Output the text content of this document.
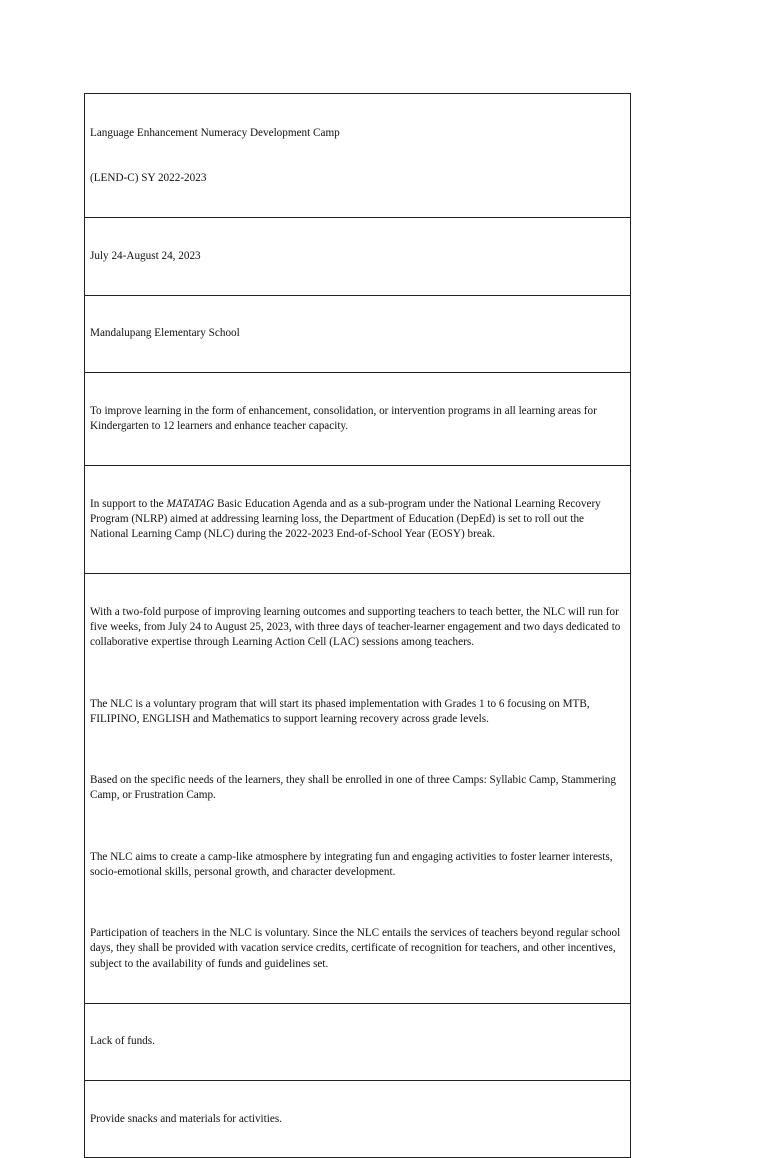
Language Enhancement Numeracy Development Camp

(LEND-C) SY 2022-2023

July 24-August 24, 2023

Mandalupang Elementary School

To improve learning in the form of enhancement, consolidation, or intervention programs in all learning areas for Kindergarten to 12 learners and enhance teacher capacity.

In support to the MATATAG Basic Education Agenda and as a sub-program under the National Learning Recovery Program (NLRP) aimed at addressing learning loss, the Department of Education (DepEd) is set to roll out the National Learning Camp (NLC) during the 2022-2023 End-of-School Year (EOSY) break.

With a two-fold purpose of improving learning outcomes and supporting teachers to teach better, the NLC will run for five weeks, from July 24 to August 25, 2023, with three days of teacher-learner engagement and two days dedicated to collaborative expertise through Learning Action Cell (LAC) sessions among teachers.

The NLC is a voluntary program that will start its phased implementation with Grades 1 to 6 focusing on MTB, FILIPINO, ENGLISH and Mathematics to support learning recovery across grade levels.

Based on the specific needs of the learners, they shall be enrolled in one of three Camps: Syllabic Camp, Stammering Camp, or Frustration Camp.

The NLC aims to create a camp-like atmosphere by integrating fun and engaging activities to foster learner interests, socio-emotional skills, personal growth, and character development.

Participation of teachers in the NLC is voluntary. Since the NLC entails the services of teachers beyond regular school days, they shall be provided with vacation service credits, certificate of recognition for teachers, and other incentives, subject to the availability of funds and guidelines set.

Lack of funds.

Provide snacks and materials for activities.
